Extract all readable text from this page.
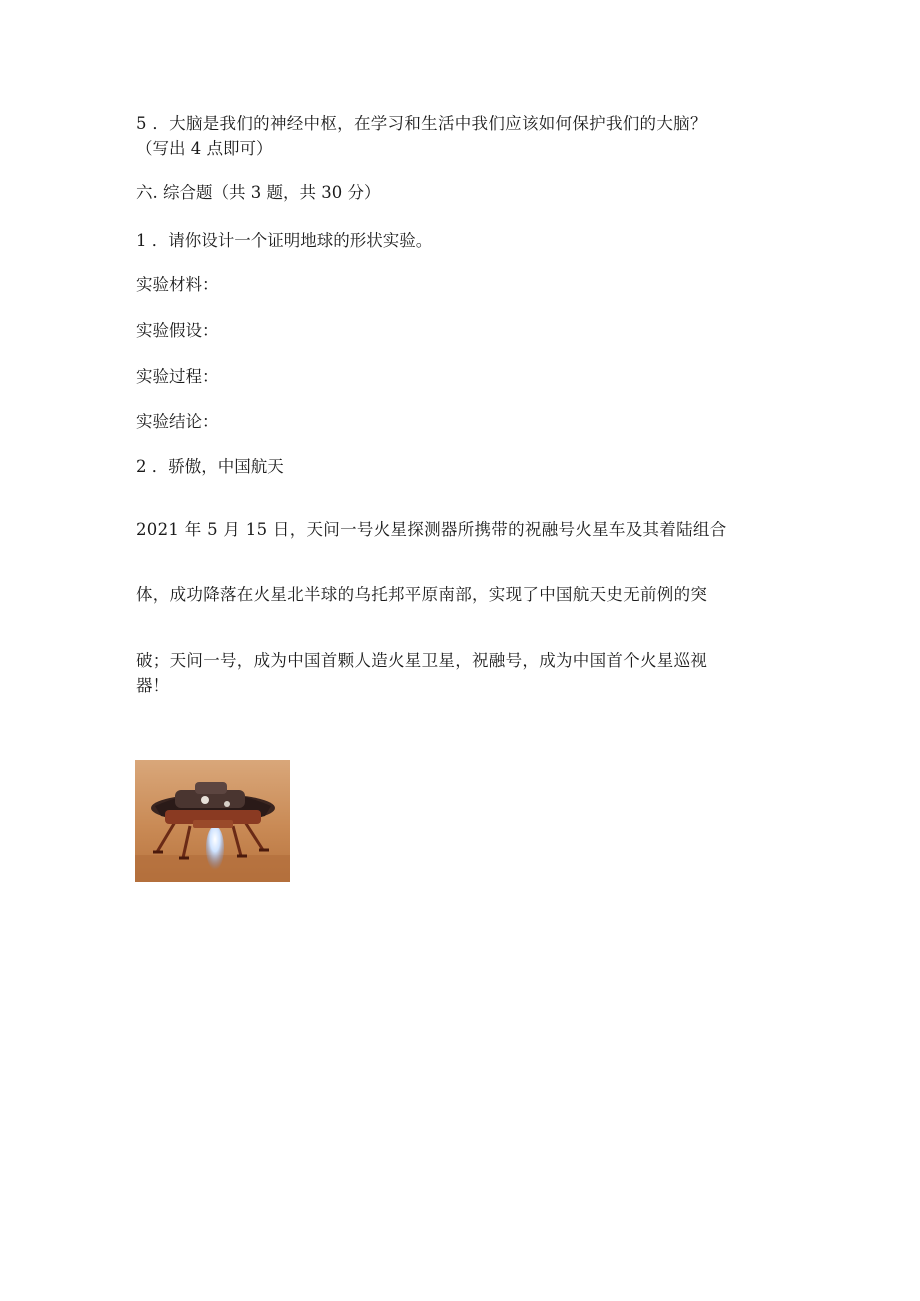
5 ．大脑是我们的神经中枢，在学习和生活中我们应该如何保护我们的大脑？
（写出 4 点即可）
六. 综合题（共 3 题，共 30 分）
1 ．请你设计一个证明地球的形状实验。
实验材料：
实验假设：
实验过程：
实验结论：
2 ．骄傲，中国航天
2021 年 5 月 15 日，天问一号火星探测器所携带的祝融号火星车及其着陆组合
体，成功降落在火星北半球的乌托邦平原南部，实现了中国航天史无前例的突
破；天问一号，成为中国首颗人造火星卫星，祝融号，成为中国首个火星巡视
器！
